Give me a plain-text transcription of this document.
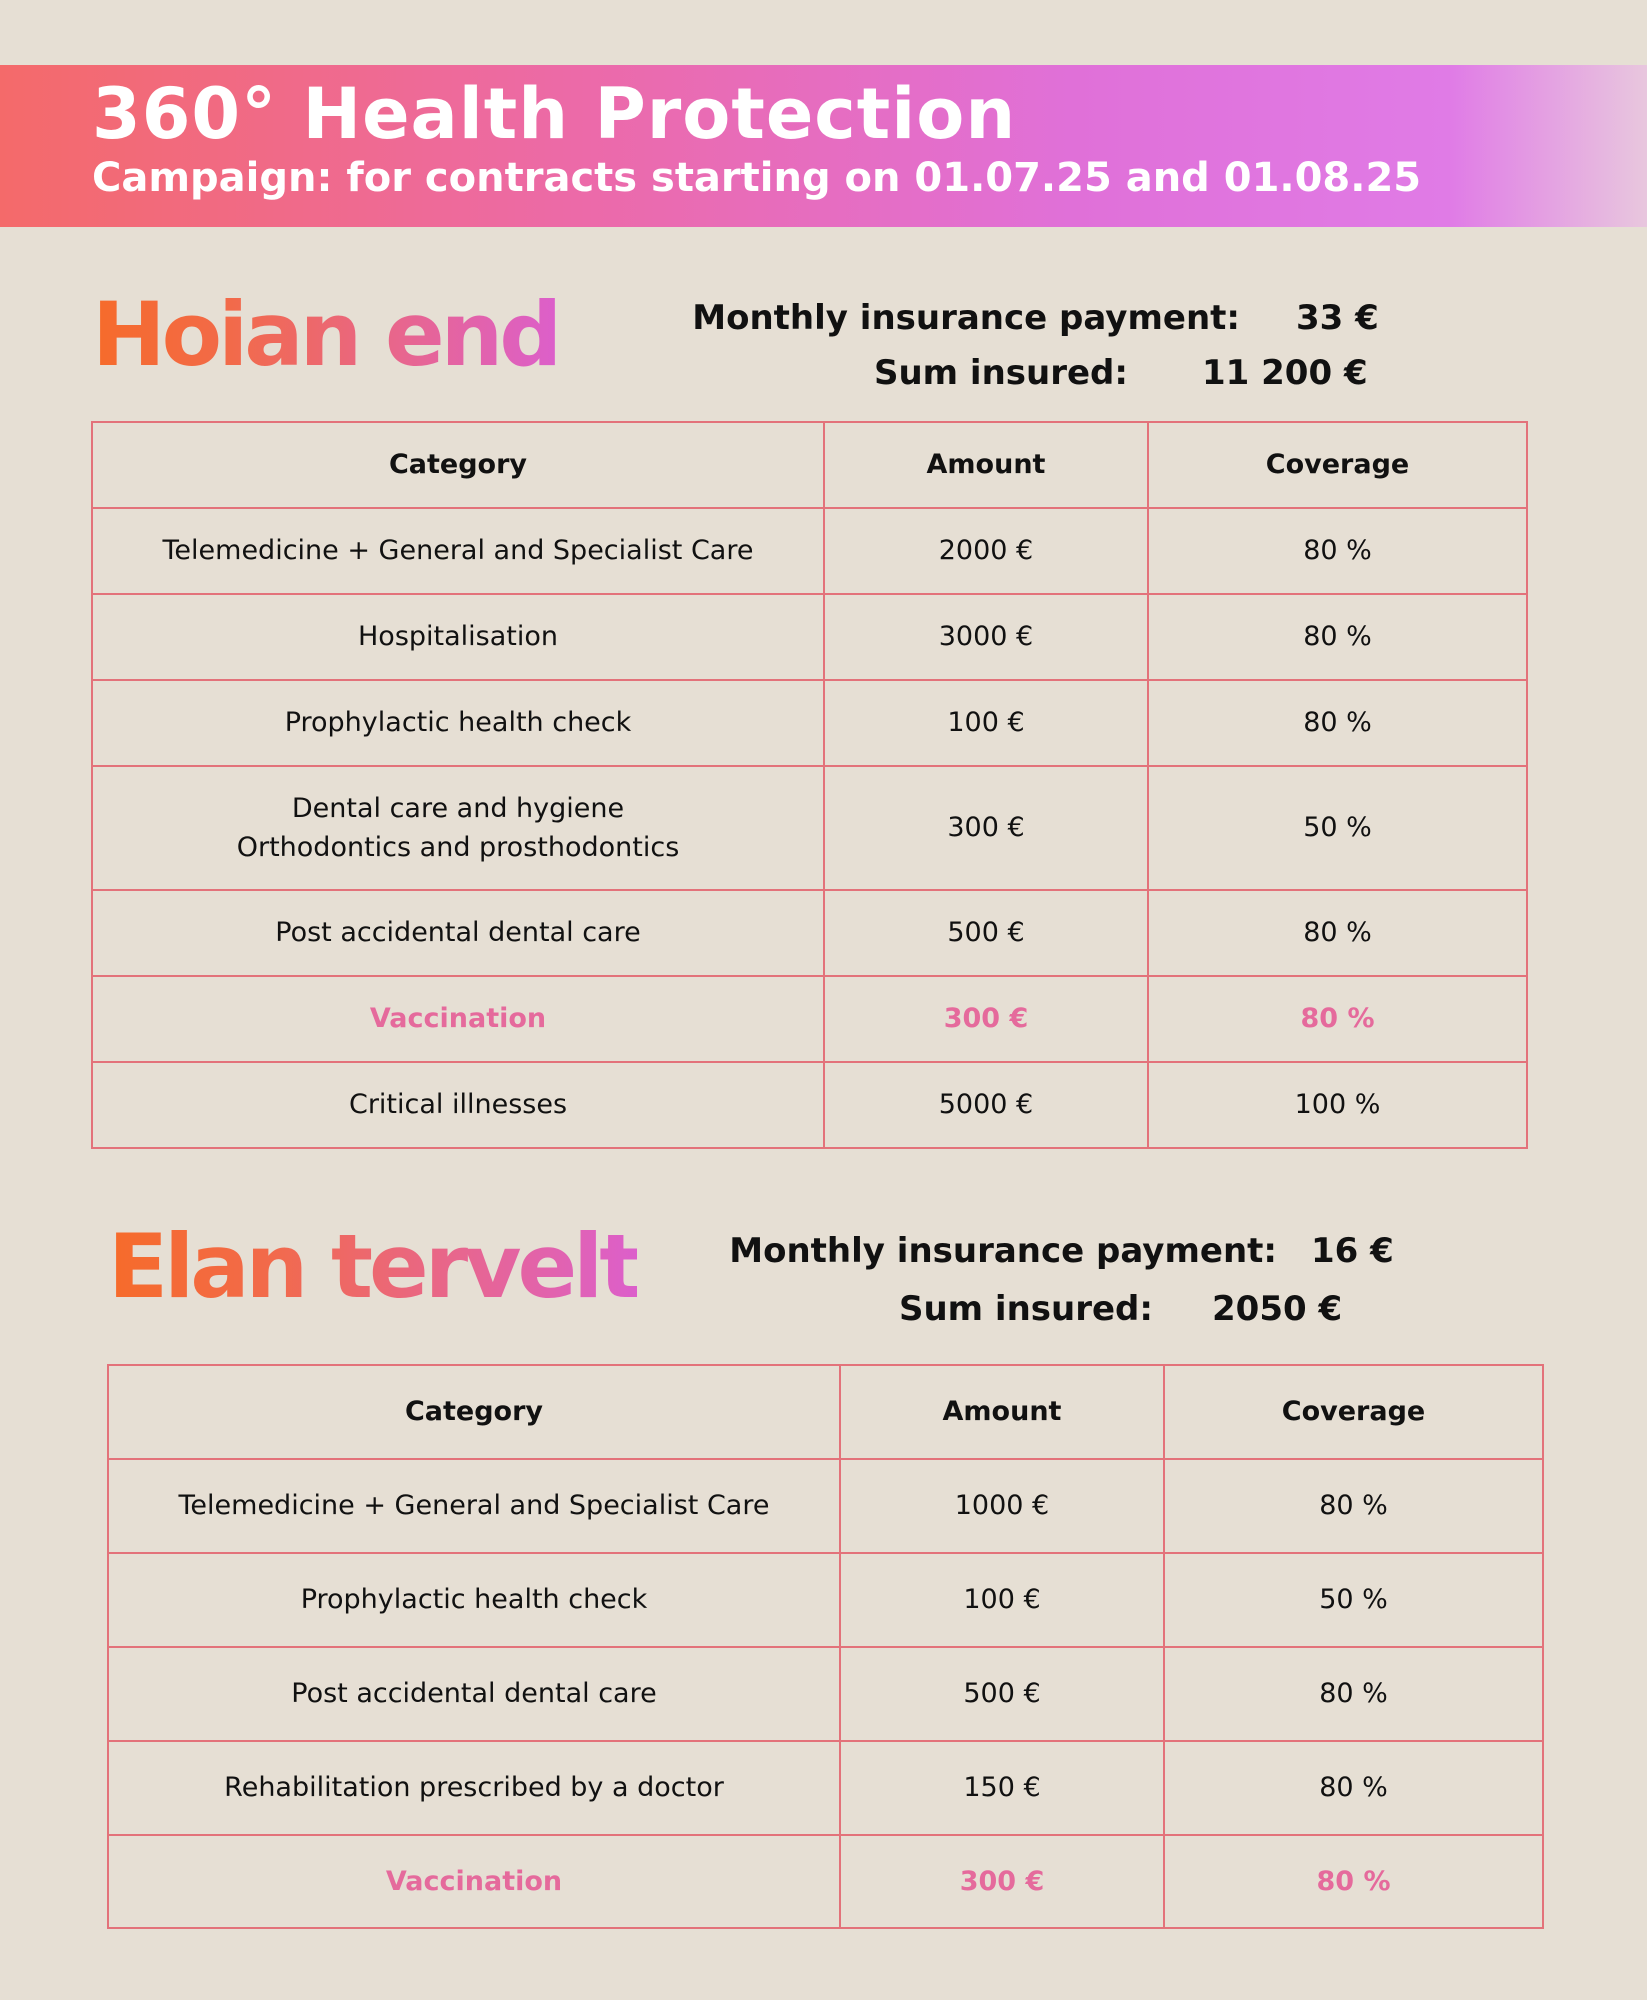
360° Health Protection
Campaign: for contracts starting on 01.07.25 and 01.08.25
Hoian end	Monthly insurance payment: 33 €
Sum insured: 11 200 €
Category	Amount	Coverage

Telemedicine + General and Specialist Care	2000 €	80 %

Hospitalisation	3000 €	80 %

Prophylactic health check	100 €	80 %

Dental care and hygiene
Orthodontics and prosthodontics	300 €	50 %

Post accidental dental care	500 €	80 %

Vaccination	300 €	80 %

Critical illnesses	5000 €	100 %
Elan tervelt	Monthly insurance payment: 16 €
Sum insured: 2050 €
Category	Amount	Coverage

Telemedicine + General and Specialist Care	1000 €	80 %

Prophylactic health check	100 €	50 %

Post accidental dental care	500 €	80 %

Rehabilitation prescribed by a doctor	150 €	80 %

Vaccination	300 €	80 %
